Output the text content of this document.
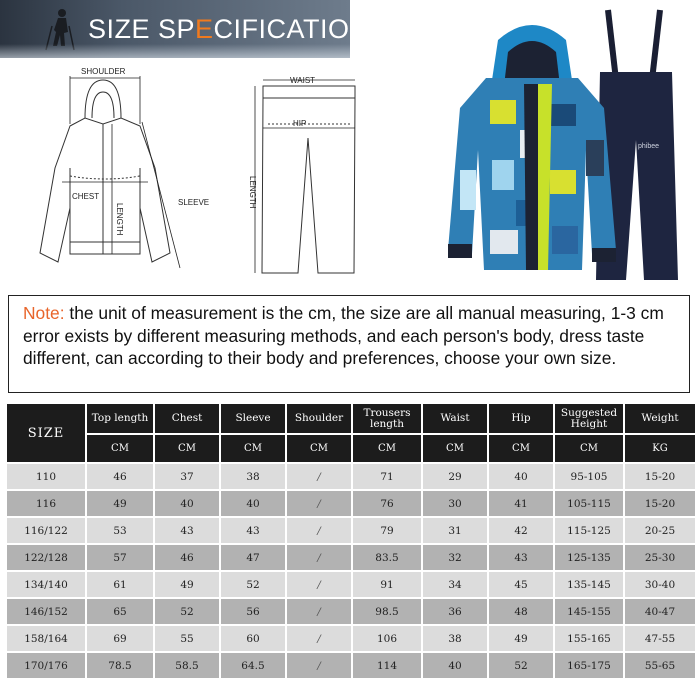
SIZE SPECIFICATION
SHOULDER
CHEST
LENGTH
SLEEVE
WAIST
HIP
LENGTH
phibee
Note: the unit of measurement is the cm, the size are all manual measuring, 1-3 cm error exists by different measuring methods, and each person's body, dress taste different, can according to their body and preferences, choose your own size.
SIZE	Top length	Chest	Sleeve	Shoulder	Trousers length	Waist	Hip	Suggested Height	Weight
	CM	CM	CM	CM	CM	CM	CM	CM	KG
110	46	37	38	/	71	29	40	95-105	15-20
116	49	40	40	/	76	30	41	105-115	15-20
116/122	53	43	43	/	79	31	42	115-125	20-25
122/128	57	46	47	/	83.5	32	43	125-135	25-30
134/140	61	49	52	/	91	34	45	135-145	30-40
146/152	65	52	56	/	98.5	36	48	145-155	40-47
158/164	69	55	60	/	106	38	49	155-165	47-55
170/176	78.5	58.5	64.5	/	114	40	52	165-175	55-65
